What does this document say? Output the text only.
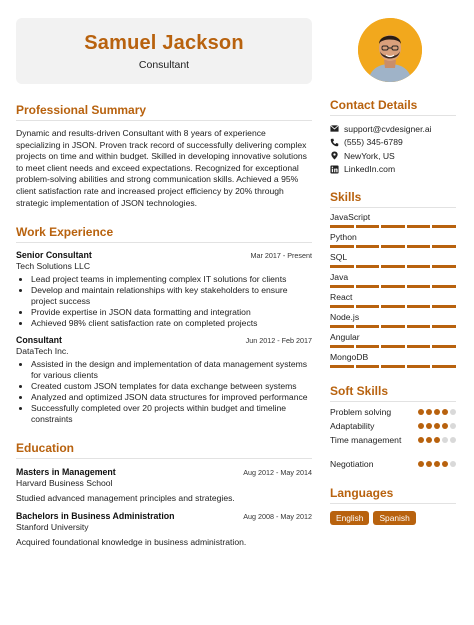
Samuel Jackson
Consultant
Professional Summary

Dynamic and results-driven Consultant with 8 years of experience specializing in JSON. Proven track record of successfully delivering complex projects on time and within budget. Skilled in developing innovative solutions to meet client needs and exceed expectations. Recognized for exceptional problem-solving abilities and strong communication skills. Achieved a 95% client satisfaction rate and increased project efficiency by 20% through strategic implementation of JSON technologies.

Work Experience
Senior Consultant	Mar 2017 - Present
Tech Solutions LLC
• Lead project teams in implementing complex IT solutions for clients
• Develop and maintain relationships with key stakeholders to ensure project success
• Provide expertise in JSON data formatting and integration
• Achieved 98% client satisfaction rate on completed projects
Consultant	Jun 2012 - Feb 2017
DataTech Inc.
• Assisted in the design and implementation of data management systems for various clients
• Created custom JSON templates for data exchange between systems
• Analyzed and optimized JSON data structures for improved performance
• Successfully completed over 20 projects within budget and timeline constraints
Education
Masters in Management	Aug 2012 - May 2014
Harvard Business School
Studied advanced management principles and strategies.
Bachelors in Business Administration	Aug 2008 - May 2012
Stanford University
Acquired foundational knowledge in business administration.
Contact Details
support@cvdesigner.ai
(555) 345-6789
NewYork, US
LinkedIn.com
Skills
JavaScript
Python
SQL
Java
React
Node.js
Angular
MongoDB
Soft Skills
Problem solving
Adaptability
Time management
Negotiation
Languages
English	Spanish
